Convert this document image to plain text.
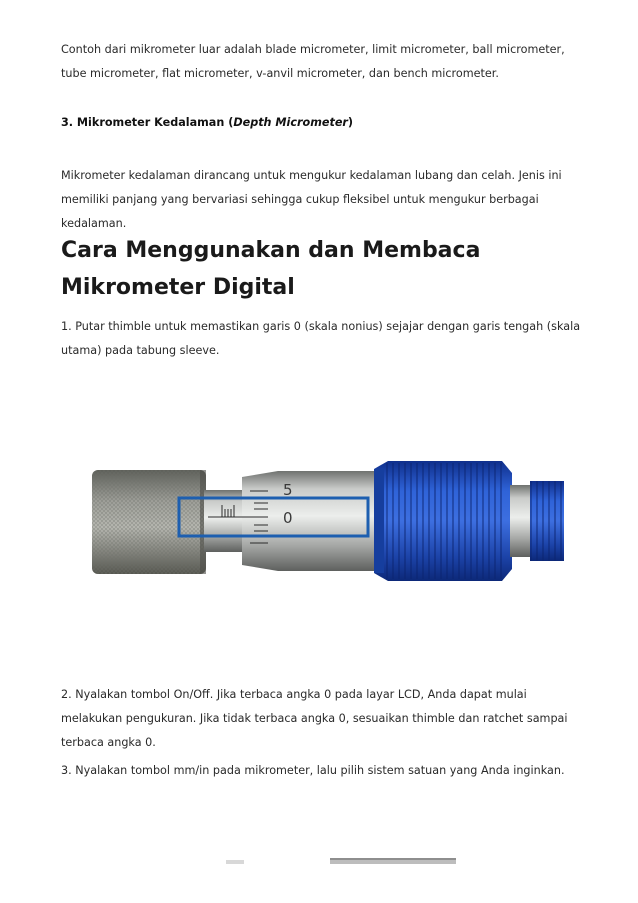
Contoh dari mikrometer luar adalah blade micrometer, limit micrometer, ball micrometer, tube micrometer, flat micrometer, v-anvil micrometer, dan bench micrometer.

3. Mikrometer Kedalaman (Depth Micrometer)

Mikrometer kedalaman dirancang untuk mengukur kedalaman lubang dan celah. Jenis ini memiliki panjang yang bervariasi sehingga cukup fleksibel untuk mengukur berbagai kedalaman.

Cara Menggunakan dan Membaca Mikrometer Digital

1. Putar thimble untuk memastikan garis 0 (skala nonius) sejajar dengan garis tengah (skala utama) pada tabung sleeve.

5
0

2. Nyalakan tombol On/Off. Jika terbaca angka 0 pada layar LCD, Anda dapat mulai melakukan pengukuran. Jika tidak terbaca angka 0, sesuaikan thimble dan ratchet sampai terbaca angka 0.

3. Nyalakan tombol mm/in pada mikrometer, lalu pilih sistem satuan yang Anda inginkan.
